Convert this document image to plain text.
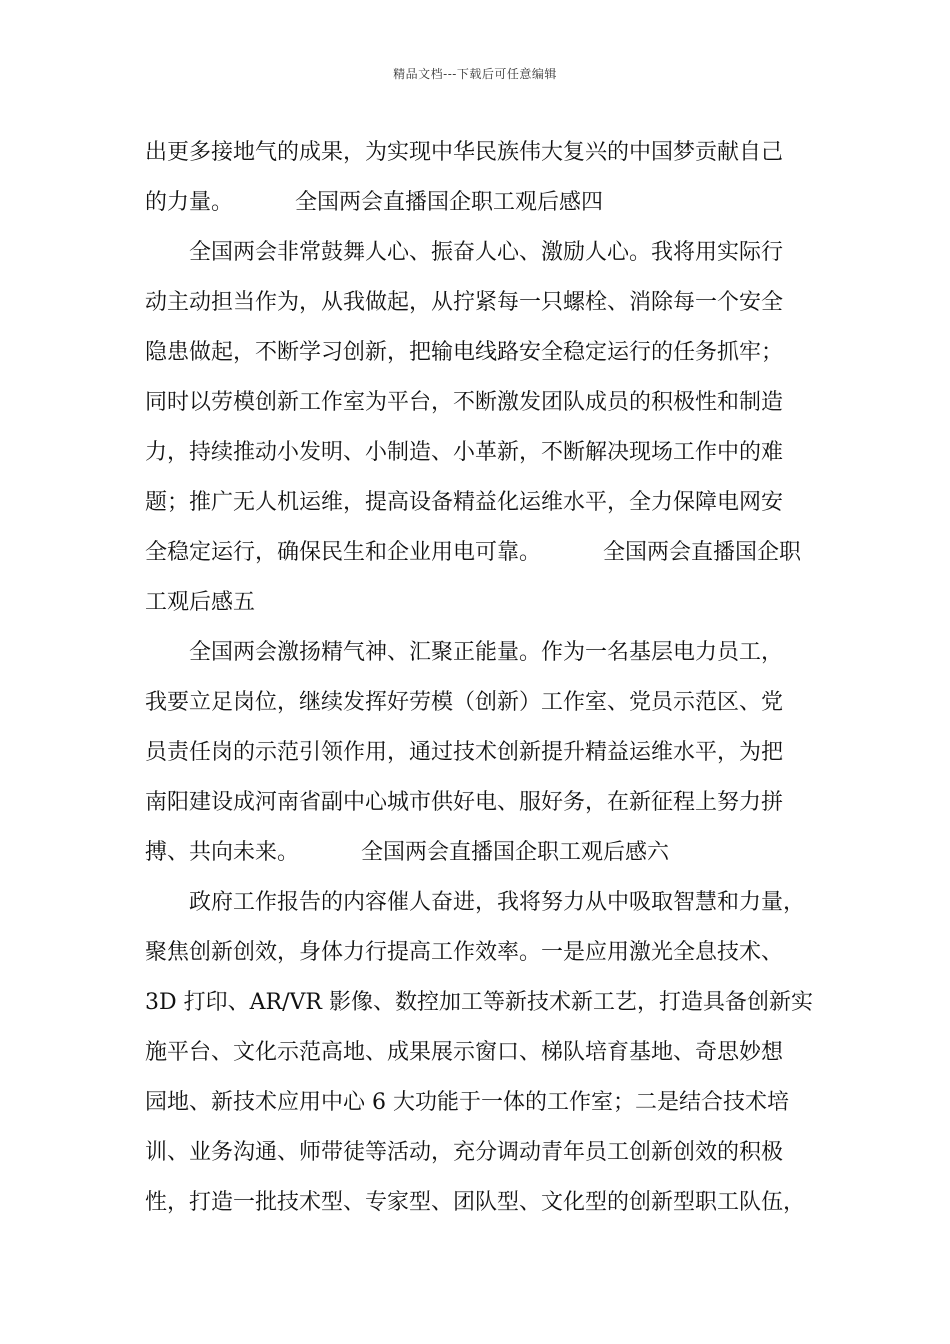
精品文档---下载后可任意编辑
出更多接地气的成果，为实现中华民族伟大复兴的中国梦贡献自己
的力量。　　　 全国两会直播国企职工观后感四
　　全国两会非常鼓舞人心、振奋人心、激励人心。我将用实际行
动主动担当作为，从我做起，从拧紧每一只螺栓、消除每一个安全
隐患做起，不断学习创新，把输电线路安全稳定运行的任务抓牢；
同时以劳模创新工作室为平台，不断激发团队成员的积极性和制造
力，持续推动小发明、小制造、小革新，不断解决现场工作中的难
题；推广无人机运维，提高设备精益化运维水平，全力保障电网安
全稳定运行，确保民生和企业用电可靠。　　　 全国两会直播国企职
工观后感五
　　全国两会激扬精气神、汇聚正能量。作为一名基层电力员工，
我要立足岗位，继续发挥好劳模（创新）工作室、党员示范区、党
员责任岗的示范引领作用，通过技术创新提升精益运维水平，为把
南阳建设成河南省副中心城市供好电、服好务，在新征程上努力拼
搏、共向未来。　　　 全国两会直播国企职工观后感六
　　政府工作报告的内容催人奋进，我将努力从中吸取智慧和力量，
聚焦创新创效，身体力行提高工作效率。一是应用激光全息技术、
3D 打印、AR/VR 影像、数控加工等新技术新工艺，打造具备创新实
施平台、文化示范高地、成果展示窗口、梯队培育基地、奇思妙想
园地、新技术应用中心 6 大功能于一体的工作室；二是结合技术培
训、业务沟通、师带徒等活动，充分调动青年员工创新创效的积极
性，打造一批技术型、专家型、团队型、文化型的创新型职工队伍，
